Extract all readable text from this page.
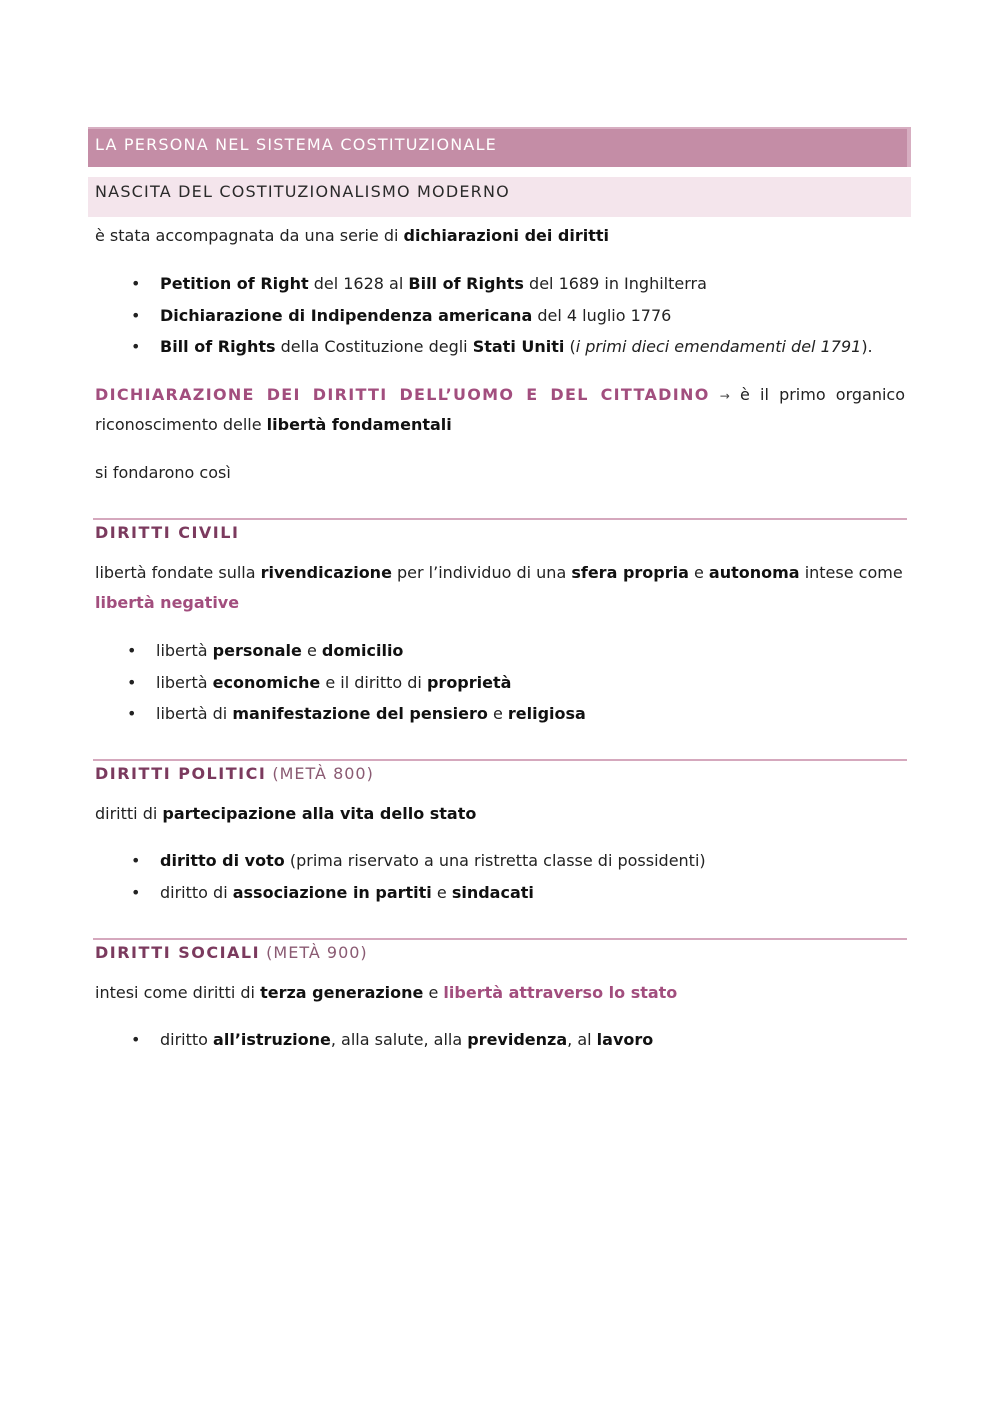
LA PERSONA NEL SISTEMA COSTITUZIONALE
NASCITA DEL COSTITUZIONALISMO MODERNO
è stata accompagnata da una serie di dichiarazioni dei diritti
• Petition of Right del 1628 al Bill of Rights del 1689 in Inghilterra
• Dichiarazione di Indipendenza americana del 4 luglio 1776
• Bill of Rights della Costituzione degli Stati Uniti (i primi dieci emendamenti del 1791).
DICHIARAZIONE DEI DIRITTI DELL’UOMO E DEL CITTADINO → è il primo organico
riconoscimento delle libertà fondamentali
si fondarono così
DIRITTI CIVILI
libertà fondate sulla rivendicazione per l’individuo di una sfera propria e autonoma intese come
libertà negative
• libertà personale e domicilio
• libertà economiche e il diritto di proprietà
• libertà di manifestazione del pensiero e religiosa
DIRITTI POLITICI (METÀ 800)
diritti di partecipazione alla vita dello stato
• diritto di voto (prima riservato a una ristretta classe di possidenti)
• diritto di associazione in partiti e sindacati
DIRITTI SOCIALI (METÀ 900)
intesi come diritti di terza generazione e libertà attraverso lo stato
• diritto all’istruzione, alla salute, alla previdenza, al lavoro
